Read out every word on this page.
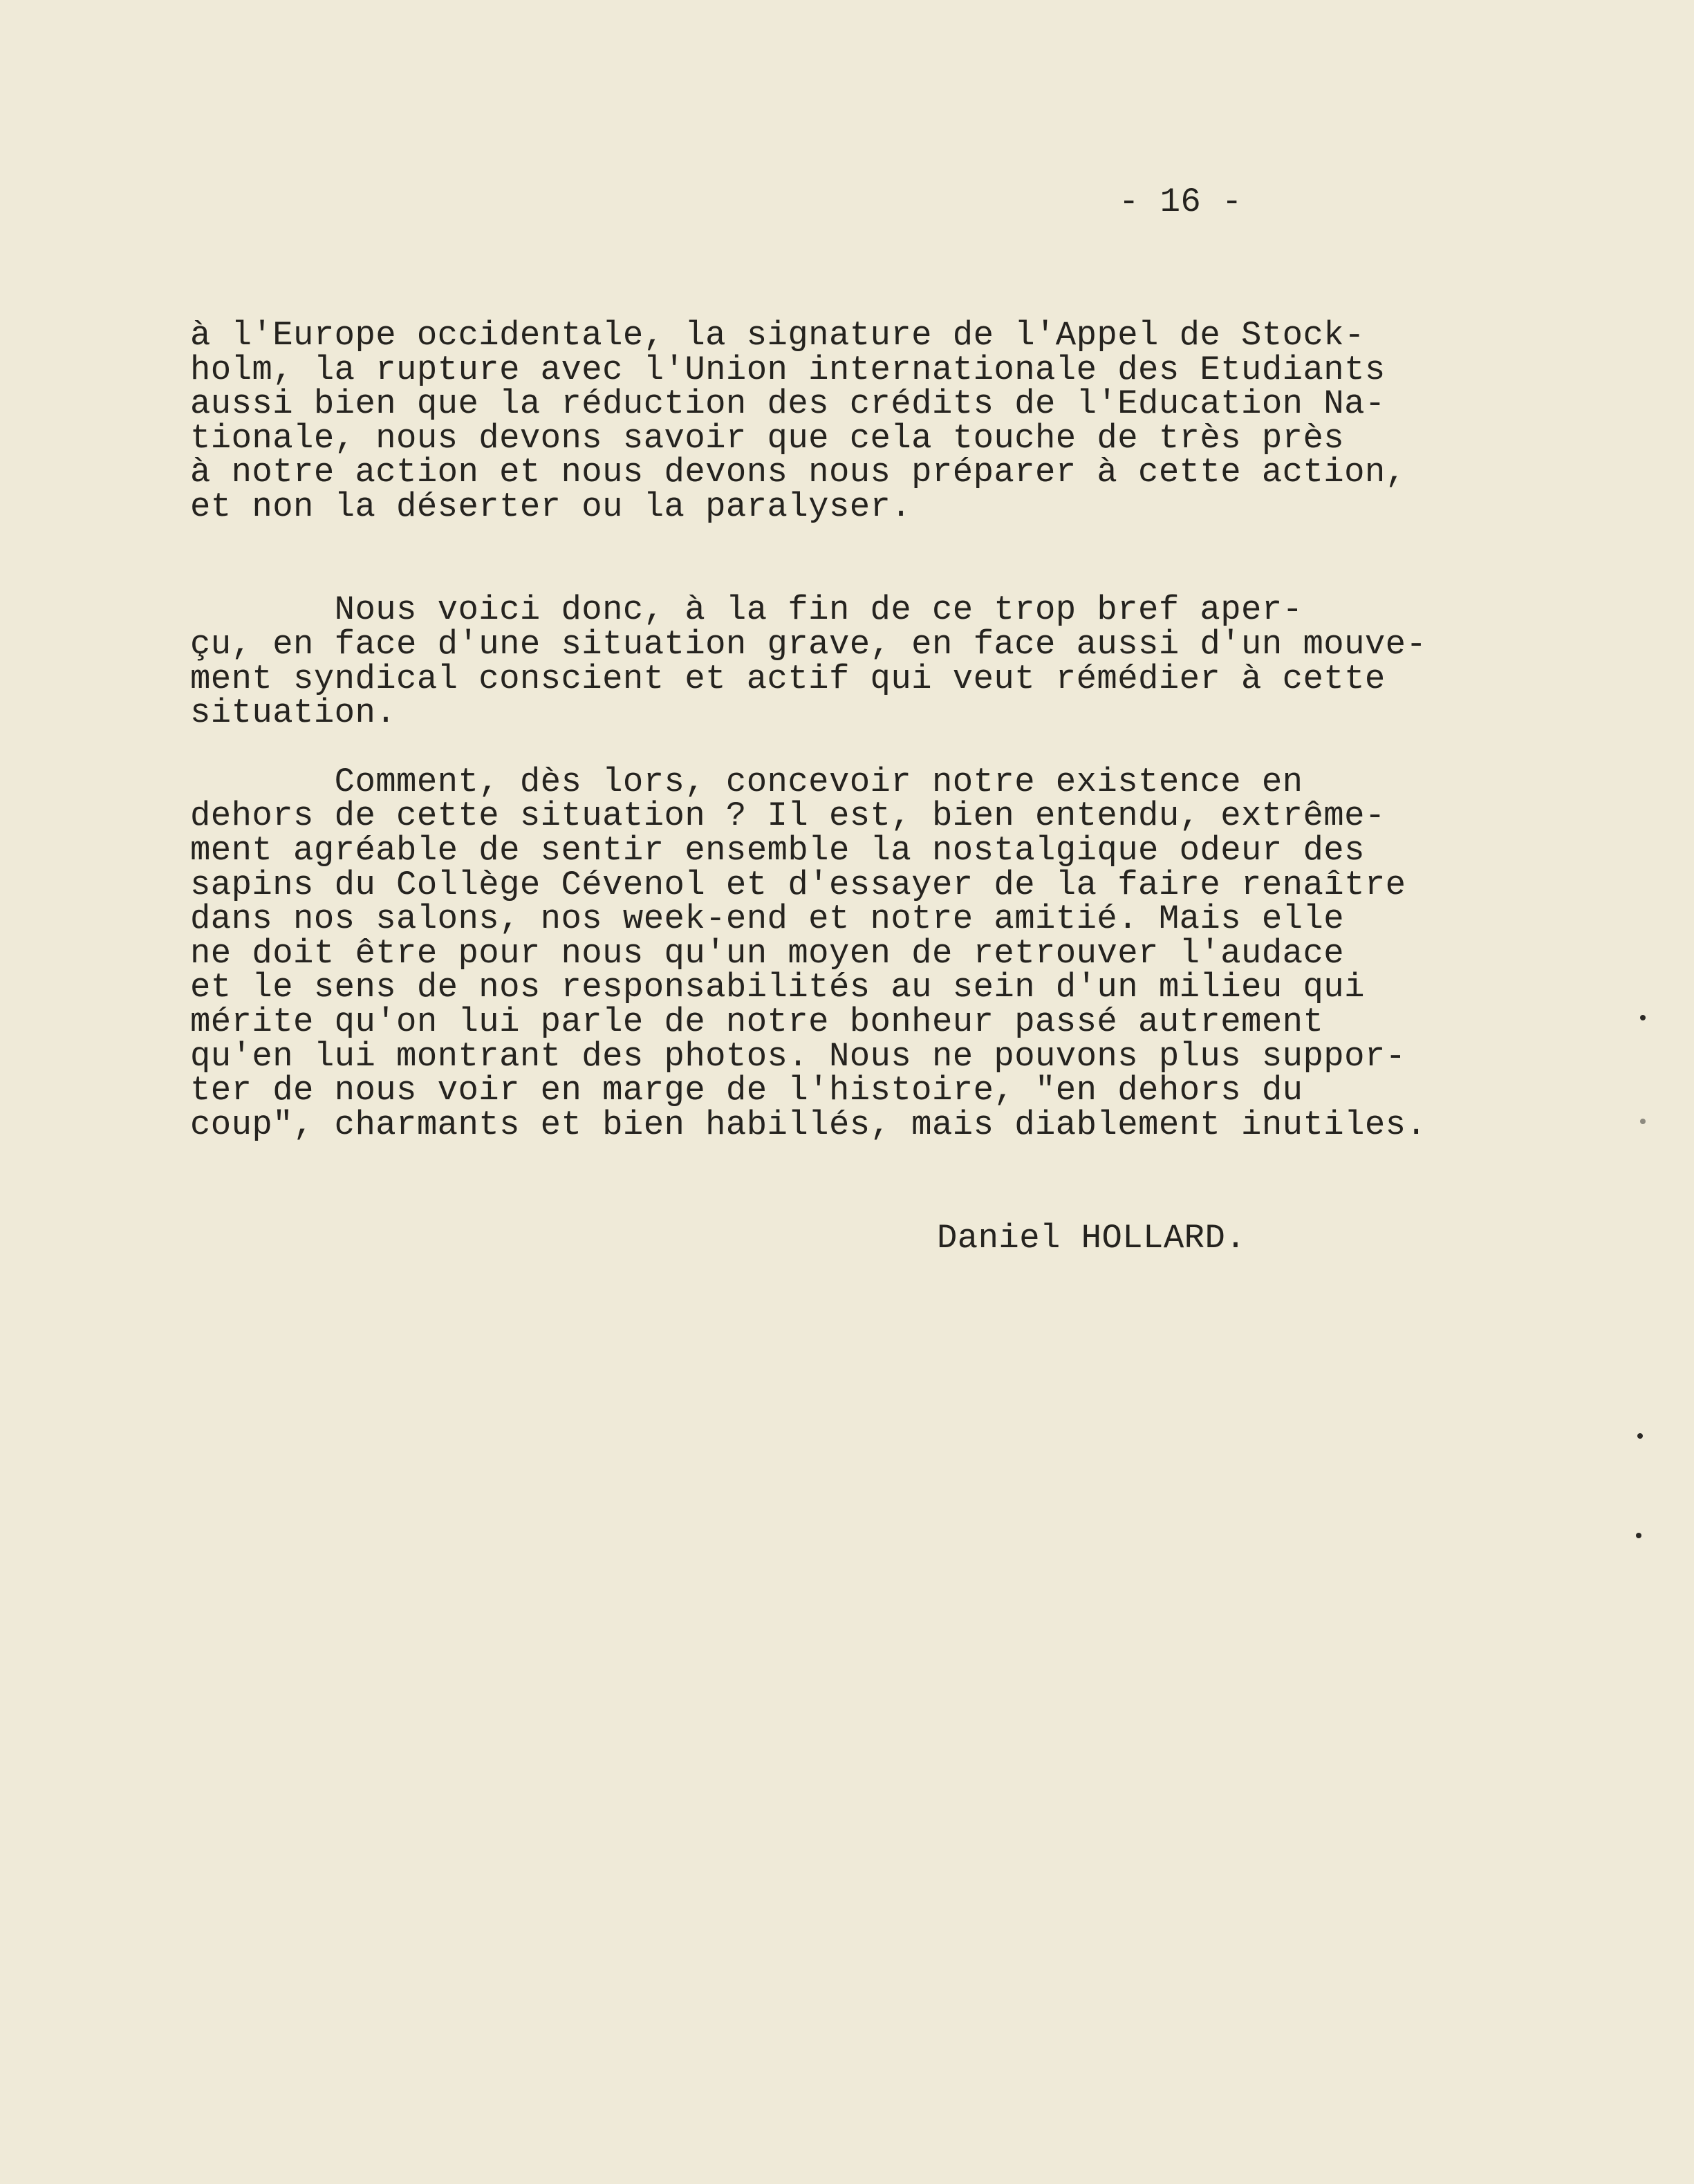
- 16 -
à l'Europe occidentale, la signature de l'Appel de Stock-
holm, la rupture avec l'Union internationale des Etudiants
aussi bien que la réduction des crédits de l'Education Na-
tionale, nous devons savoir que cela touche de très près
à notre action et nous devons nous préparer à cette action,
et non la déserter ou la paralyser.
Nous voici donc, à la fin de ce trop bref aper-
çu, en face d'une situation grave, en face aussi d'un mouve-
ment syndical conscient et actif qui veut rémédier à cette
situation.
Comment, dès lors, concevoir notre existence en
dehors de cette situation ? Il est, bien entendu, extrême-
ment agréable de sentir ensemble la nostalgique odeur des
sapins du Collège Cévenol et d'essayer de la faire renaître
dans nos salons, nos week-end et notre amitié. Mais elle
ne doit être pour nous qu'un moyen de retrouver l'audace
et le sens de nos responsabilités au sein d'un milieu qui
mérite qu'on lui parle de notre bonheur passé autrement
qu'en lui montrant des photos. Nous ne pouvons plus suppor-
ter de nous voir en marge de l'histoire, "en dehors du
coup", charmants et bien habillés, mais diablement inutiles.
Daniel HOLLARD.
